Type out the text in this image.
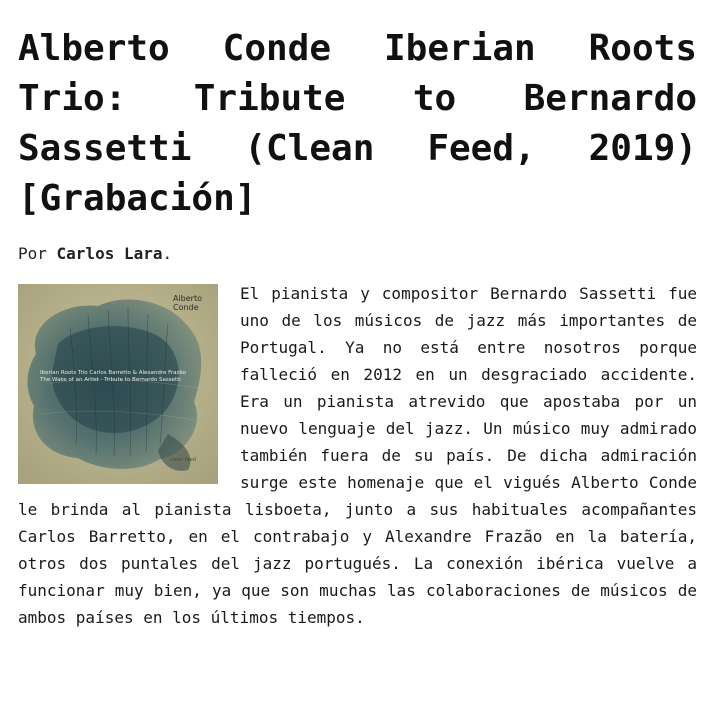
Alberto Conde Iberian Roots Trio: Tribute to Bernardo Sassetti (Clean Feed, 2019) [Grabación]

Por Carlos Lara.

Alberto
Conde
Iberian Roots Trio Carlos Barretto & Alexandre Frazão
The Wake of an Artist · Tribute to Bernardo Sassetti
clean feed

El pianista y compositor Bernardo Sassetti fue uno de los músicos de jazz más importantes de Portugal. Ya no está entre nosotros porque falleció en 2012 en un desgraciado accidente. Era un pianista atrevido que apostaba por un nuevo lenguaje del jazz. Un músico muy admirado también fuera de su país. De dicha admiración surge este homenaje que el vigués Alberto Conde le brinda al pianista lisboeta, junto a sus habituales acompañantes Carlos Barretto, en el contrabajo y Alexandre Frazão en la batería, otros dos puntales del jazz portugués. La conexión ibérica vuelve a funcionar muy bien, ya que son muchas las colaboraciones de músicos de ambos países en los últimos tiempos.
